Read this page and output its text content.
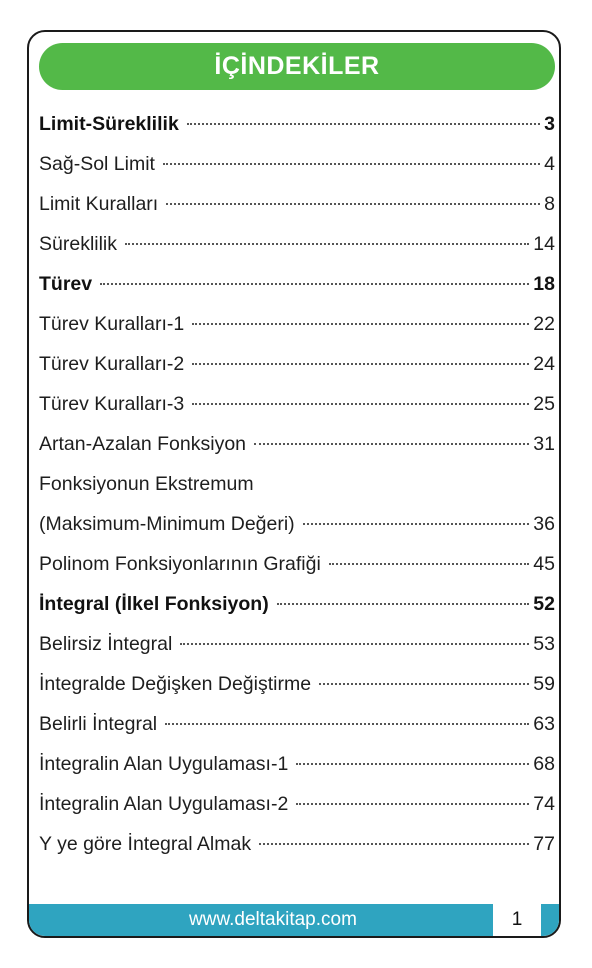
İÇİNDEKİLER
Limit-Süreklilik	3
Sağ-Sol Limit	4
Limit Kuralları	8
Süreklilik	14
Türev	18
Türev Kuralları-1	22
Türev Kuralları-2	24
Türev Kuralları-3	25
Artan-Azalan Fonksiyon	31
Fonksiyonun Ekstremum
(Maksimum-Minimum Değeri)	36
Polinom Fonksiyonlarının Grafiği	45
İntegral (İlkel Fonksiyon)	52
Belirsiz İntegral	53
İntegralde Değişken Değiştirme	59
Belirli İntegral	63
İntegralin Alan Uygulaması-1	68
İntegralin Alan Uygulaması-2	74
Y ye göre İntegral Almak	77
www.deltakitap.com	1
